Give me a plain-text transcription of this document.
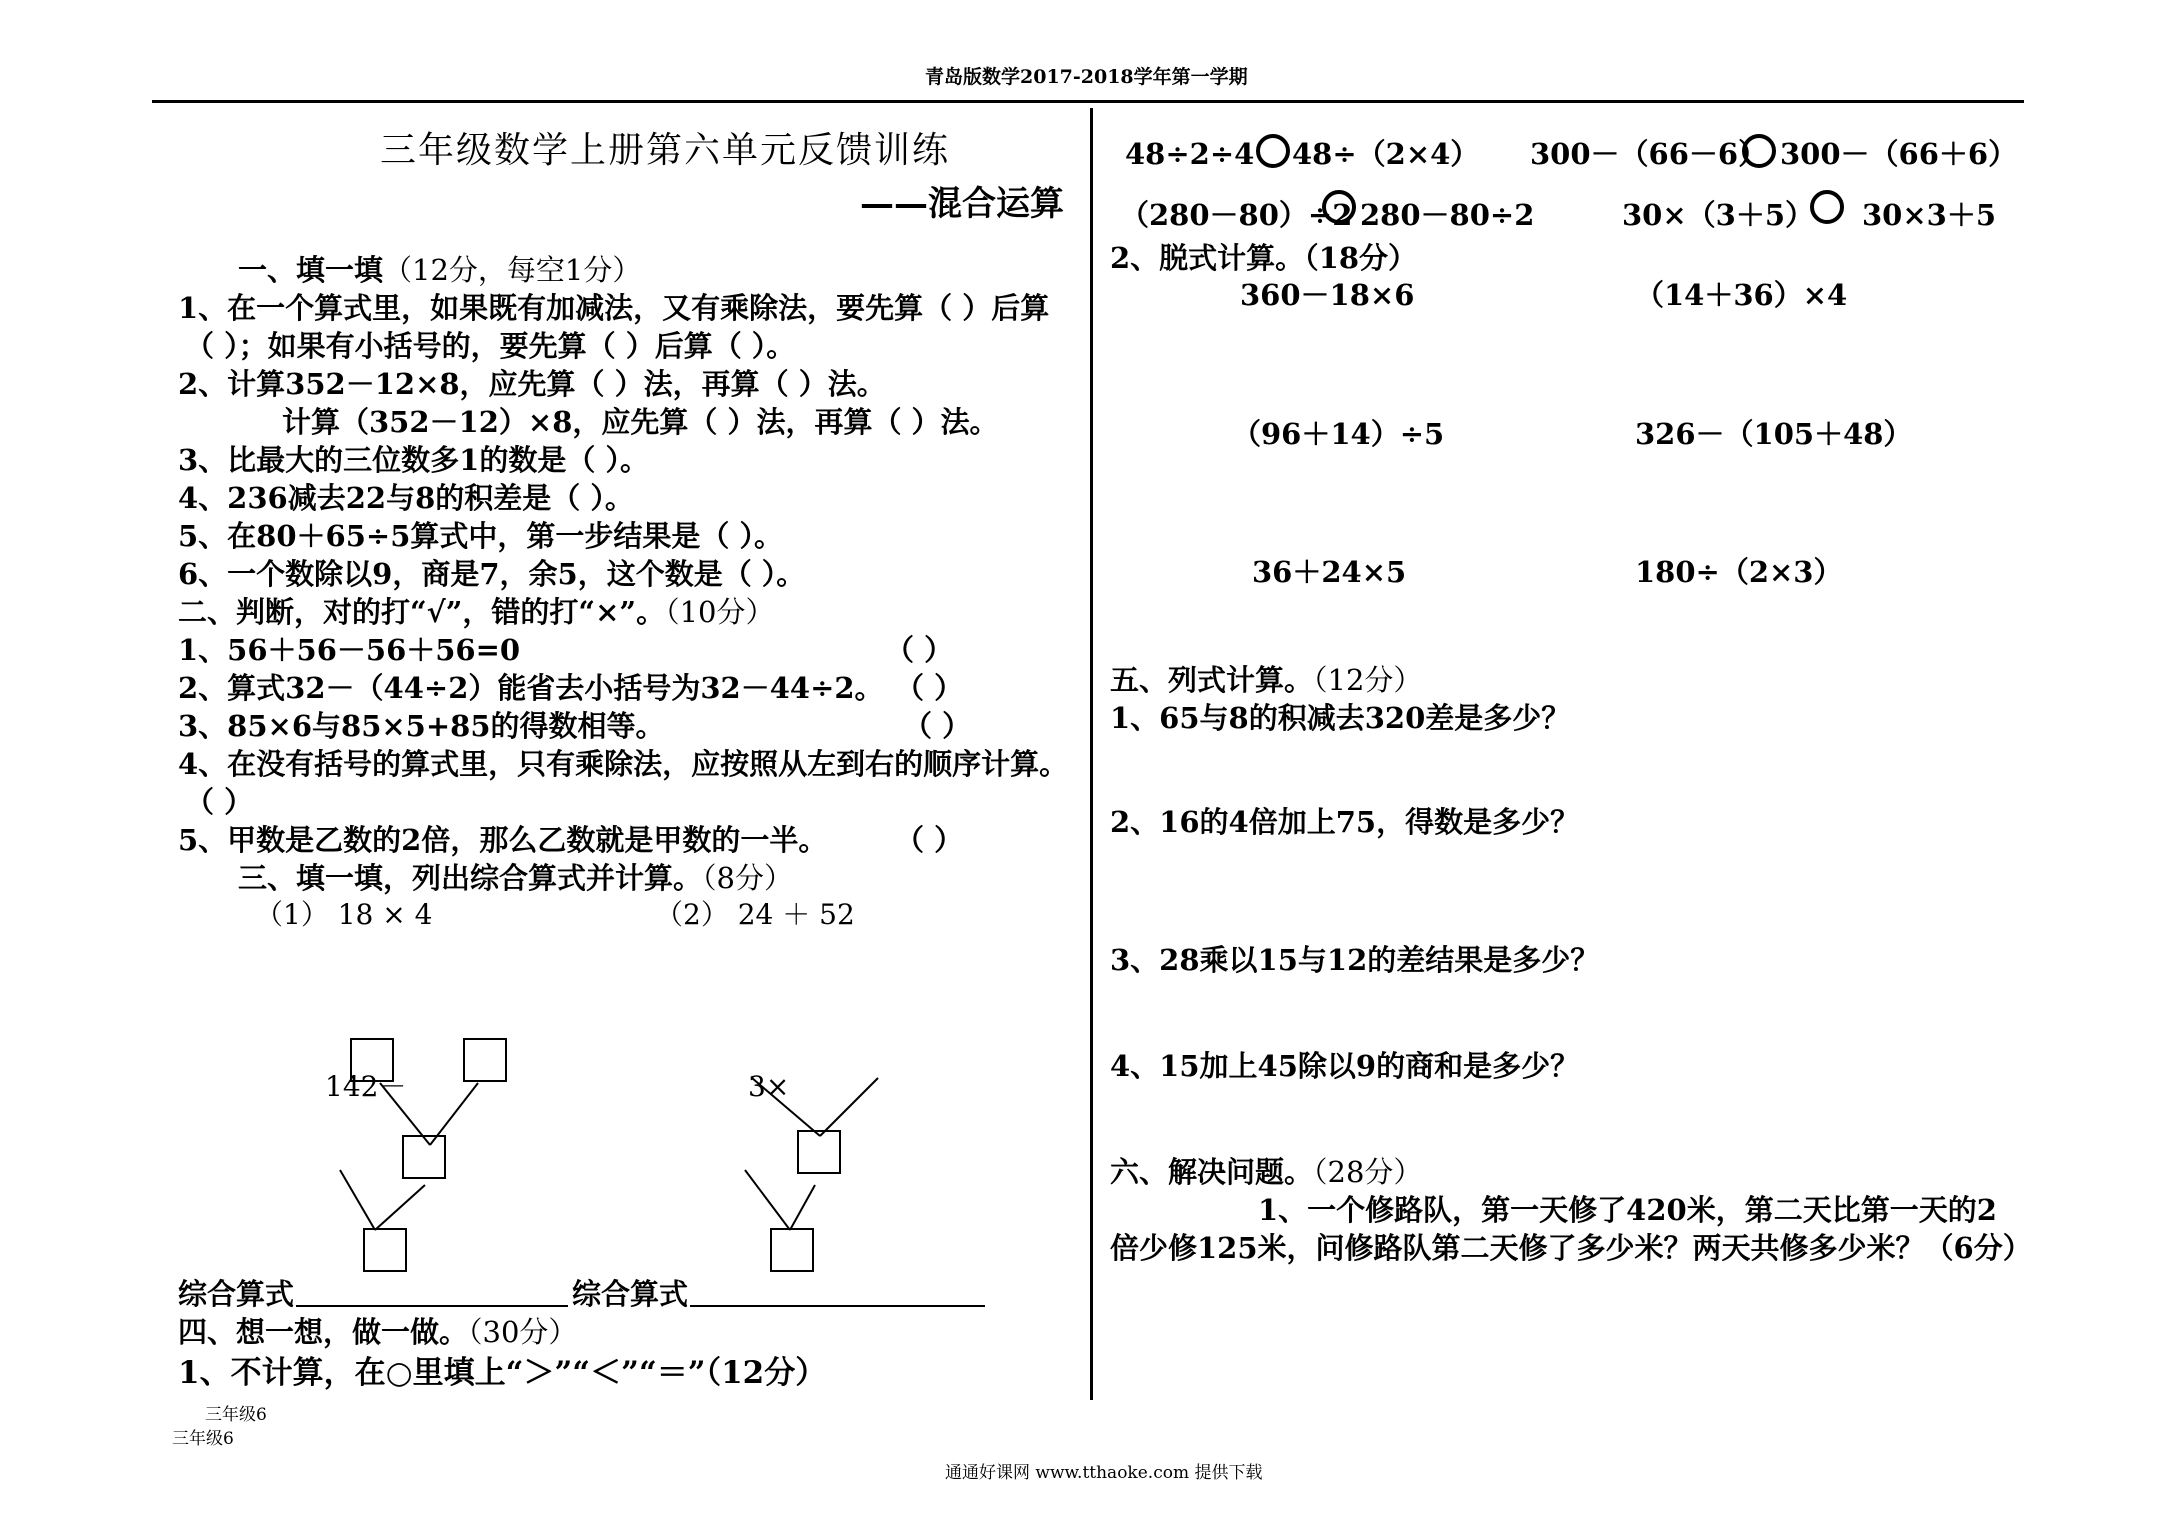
青岛版数学2017-2018学年第一学期
三年级数学上册第六单元反馈训练
——混合运算
一、填一填（12分，每空1分）
1、在一个算式里，如果既有加减法，又有乘除法，要先算（ ）后算
（ ）；如果有小括号的，要先算（ ）后算（ ）。
2、计算352－12×8，应先算（ ）法，再算（ ）法。
计算（352－12）×8，应先算（ ）法，再算（ ）法。
3、比最大的三位数多1的数是（ ）。
4、236减去22与8的积差是（ ）。
5、在80＋65÷5算式中，第一步结果是（ ）。
6、一个数除以9，商是7，余5，这个数是（ ）。
二、判断，对的打“√”，错的打“×”。（10分）
1、56＋56－56＋56=0	（ ）
2、算式32－（44÷2）能省去小括号为32－44÷2。 （ ）
3、85×6与85×5+85的得数相等。	（ ）
4、在没有括号的算式里，只有乘除法，应按照从左到右的顺序计算。
（ ）
5、甲数是乙数的2倍，那么乙数就是甲数的一半。 （ ）
三、填一填，列出综合算式并计算。（8分）
（1） 18 × 4	（2） 24 ＋ 52
142－	3×
综合算式	综合算式
四、想一想，做一做。（30分）
1、不计算，在○里填上“＞”“＜”“＝”（12分）
三年级6
三年级6
通通好课网 www.tthaoke.com 提供下载
48÷2÷4 48÷（2×4） 300－（66－6） 300－（66＋6）
（280－80）÷2 280－80÷2	30×（3＋5） 30×3＋5
2、脱式计算。（18分）
360－18×6	（14＋36）×4
（96＋14）÷5	326－（105＋48）
36＋24×5	180÷（2×3）
五、列式计算。（12分）
1、65与8的积减去320差是多少？
2、16的4倍加上75，得数是多少？
3、28乘以15与12的差结果是多少？
4、15加上45除以9的商和是多少？
六、解决问题。（28分）
1、一个修路队，第一天修了420米，第二天比第一天的2
倍少修125米，问修路队第二天修了多少米？两天共修多少米？（6分）
